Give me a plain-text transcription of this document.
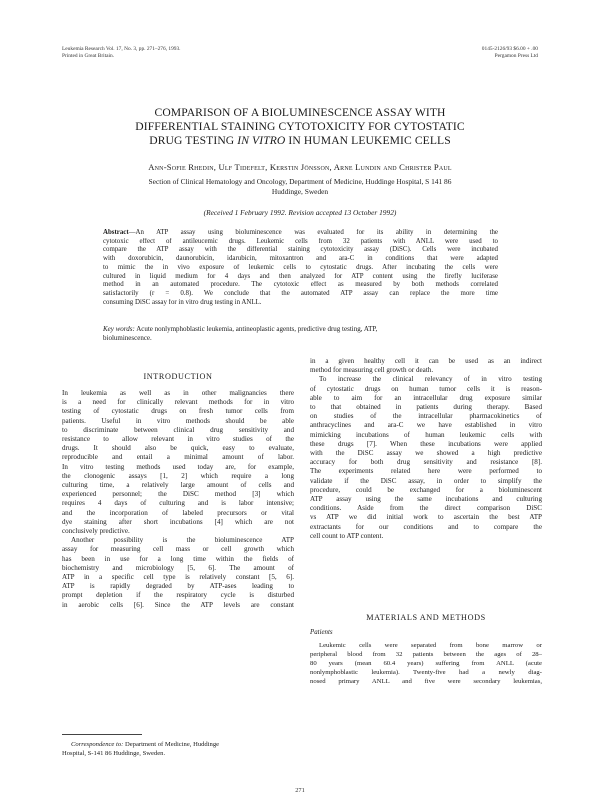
Leukemia Research Vol. 17, No. 3, pp. 271–276, 1993.
Printed in Great Britain.
0145-2126/93 $6.00 + .00
Pergamon Press Ltd
COMPARISON OF A BIOLUMINESCENCE ASSAY WITH
DIFFERENTIAL STAINING CYTOTOXICITY FOR CYTOSTATIC
DRUG TESTING IN VITRO IN HUMAN LEUKEMIC CELLS
Ann-Sofie Rhedin, Ulf Tidefelt, Kerstin Jönsson, Arne Lundin and Christer Paul
Section of Clinical Hematology and Oncology, Department of Medicine, Huddinge Hospital, S 141 86
Huddinge, Sweden
(Received 1 February 1992. Revision accepted 13 October 1992)
Abstract—An ATP assay using bioluminescence was evaluated for its ability in determining the
cytotoxic effect of antileucemic drugs. Leukemic cells from 32 patients with ANLL were used to
compare the ATP assay with the differential staining cytotoxicity assay (DiSC). Cells were incubated
with doxorubicin, daunorubicin, idarubicin, mitoxantron and ara-C in conditions that were adapted
to mimic the in vivo exposure of leukemic cells to cytostatic drugs. After incubating the cells were
cultured in liquid medium for 4 days and then analyzed for ATP content using the firefly luciferase
method in an automated procedure. The cytotoxic effect as measured by both methods correlated
satisfactorily (r = 0.8). We conclude that the automated ATP assay can replace the more time
consuming DiSC assay for in vitro drug testing in ANLL.
Key words: Acute nonlymphoblastic leukemia, antineoplastic agents, predictive drug testing, ATP,
bioluminescence.
INTRODUCTION
MATERIALS AND METHODS
Patients
In leukemia as well as in other malignancies there
is a need for clinically relevant methods for in vitro
testing of cytostatic drugs on fresh tumor cells from
patients. Useful in vitro methods should be able
to discriminate between clinical drug sensitivity and
resistance to allow relevant in vitro studies of the
drugs. It should also be quick, easy to evaluate,
reproducible and entail a minimal amount of labor.
In vitro testing methods used today are, for example,
the clonogenic assays [1, 2] which require a long
culturing time, a relatively large amount of cells and
experienced personnel; the DiSC method [3] which
requires 4 days of culturing and is labor intensive;
and the incorporation of labeled precursors or vital
dye staining after short incubations [4] which are not
conclusively predictive.
Another possibility is the bioluminescence ATP
assay for measuring cell mass or cell growth which
has been in use for a long time within the fields of
biochemistry and microbiology [5, 6]. The amount of
ATP in a specific cell type is relatively constant [5, 6].
ATP is rapidly degraded by ATP-ases leading to
prompt depletion if the respiratory cycle is disturbed
in aerobic cells [6]. Since the ATP levels are constant
in a given healthy cell it can be used as an indirect
method for measuring cell growth or death.
To increase the clinical relevancy of in vitro testing
of cytostatic drugs on human tumor cells it is reason-
able to aim for an intracellular drug exposure similar
to that obtained in patients during therapy. Based
on studies of the intracellular pharmacokinetics of
anthracyclines and ara-C we have established in vitro
mimicking incubations of human leukemic cells with
these drugs [7]. When these incubations were applied
with the DiSC assay we showed a high predictive
accuracy for both drug sensitivity and resistance [8].
The experiments related here were performed to
validate if the DiSC assay, in order to simplify the
procedure, could be exchanged for a bioluminescent
ATP assay using the same incubations and culturing
conditions. Aside from the direct comparison DiSC
vs ATP we did initial work to ascertain the best ATP
extractants for our conditions and to compare the
cell count to ATP content.
Leukemic cells were separated from bone marrow or
peripheral blood from 32 patients between the ages of 28–
80 years (mean 60.4 years) suffering from ANLL (acute
nonlymphoblastic leukemia). Twenty-five had a newly diag-
nosed primary ANLL and five were secondary leukemias,
Correspondence to: Department of Medicine, Huddinge
Hospital, S-141 86 Huddinge, Sweden.
271
